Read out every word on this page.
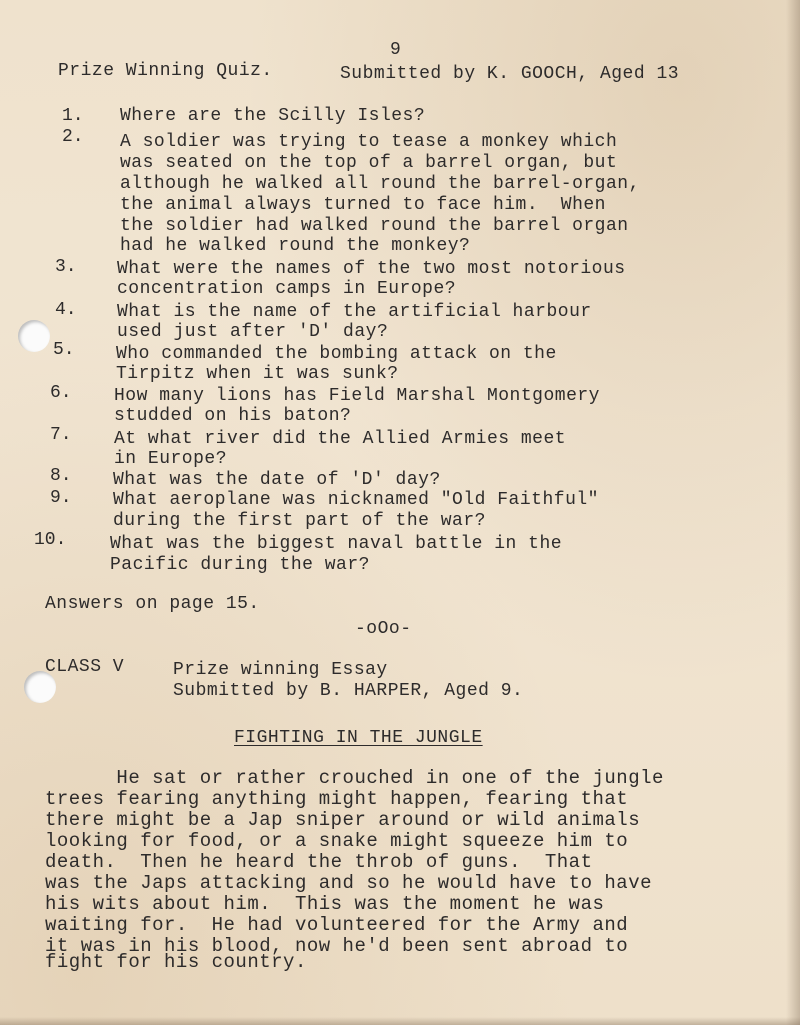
9
Prize Winning Quiz.	Submitted by K. GOOCH, Aged 13
1. Where are the Scilly Isles?
2. A soldier was trying to tease a monkey which
was seated on the top of a barrel organ, but
although he walked all round the barrel-organ,
the animal always turned to face him.  When
the soldier had walked round the barrel organ
had he walked round the monkey?
3. What were the names of the two most notorious
concentration camps in Europe?
4. What is the name of the artificial harbour
used just after 'D' day?
5. Who commanded the bombing attack on the
Tirpitz when it was sunk?
6. How many lions has Field Marshal Montgomery
studded on his baton?
7. At what river did the Allied Armies meet
in Europe?
8. What was the date of 'D' day?
9. What aeroplane was nicknamed "Old Faithful"
during the first part of the war?
10. What was the biggest naval battle in the
Pacific during the war?
Answers on page 15.
-oOo-
CLASS V	Prize winning Essay
Submitted by B. HARPER, Aged 9.
FIGHTING IN THE JUNGLE
He sat or rather crouched in one of the jungle
trees fearing anything might happen, fearing that
there might be a Jap sniper around or wild animals
looking for food, or a snake might squeeze him to
death.  Then he heard the throb of guns.  That
was the Japs attacking and so he would have to have
his wits about him.  This was the moment he was
waiting for.  He had volunteered for the Army and
it was in his blood, now he'd been sent abroad to
fight for his country.
